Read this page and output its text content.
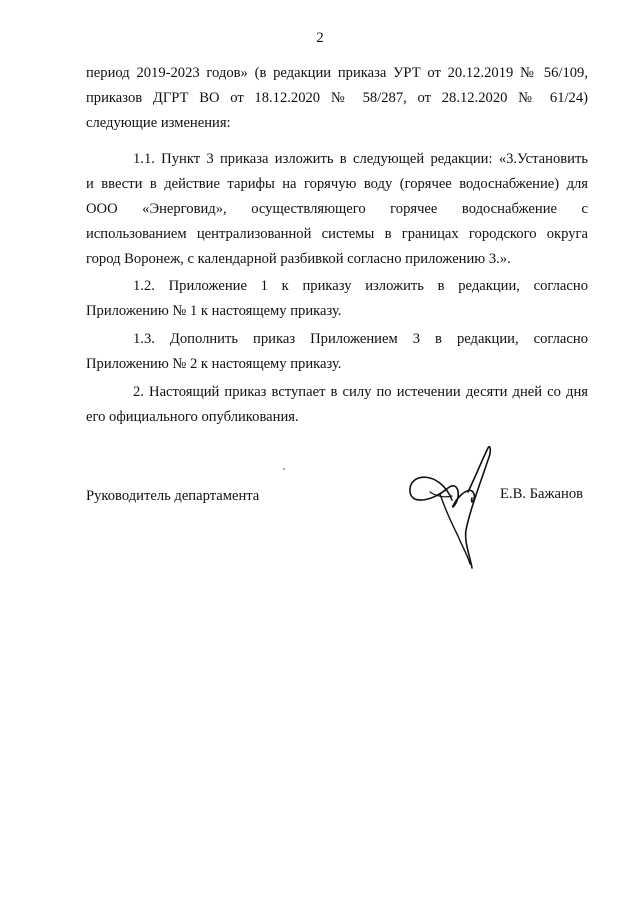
2
период 2019-2023 годов» (в редакции приказа УРТ от 20.12.2019 № 56/109,
приказов ДГРТ ВО от 18.12.2020 № 58/287, от 28.12.2020 № 61/24)
следующие изменения:
1.1. Пункт 3 приказа изложить в следующей редакции: «3.Установить
и ввести в действие тарифы на горячую воду (горячее водоснабжение) для
ООО «Энерговид», осуществляющего горячее водоснабжение с
использованием централизованной системы в границах городского округа
город Воронеж, с календарной разбивкой согласно приложению 3.».
1.2. Приложение 1 к приказу изложить в редакции, согласно
Приложению № 1 к настоящему приказу.
1.3. Дополнить приказ Приложением 3 в редакции, согласно
Приложению № 2 к настоящему приказу.
2. Настоящий приказ вступает в силу по истечении десяти дней со дня
его официального опубликования.
Руководитель департамента	Е.В. Бажанов
